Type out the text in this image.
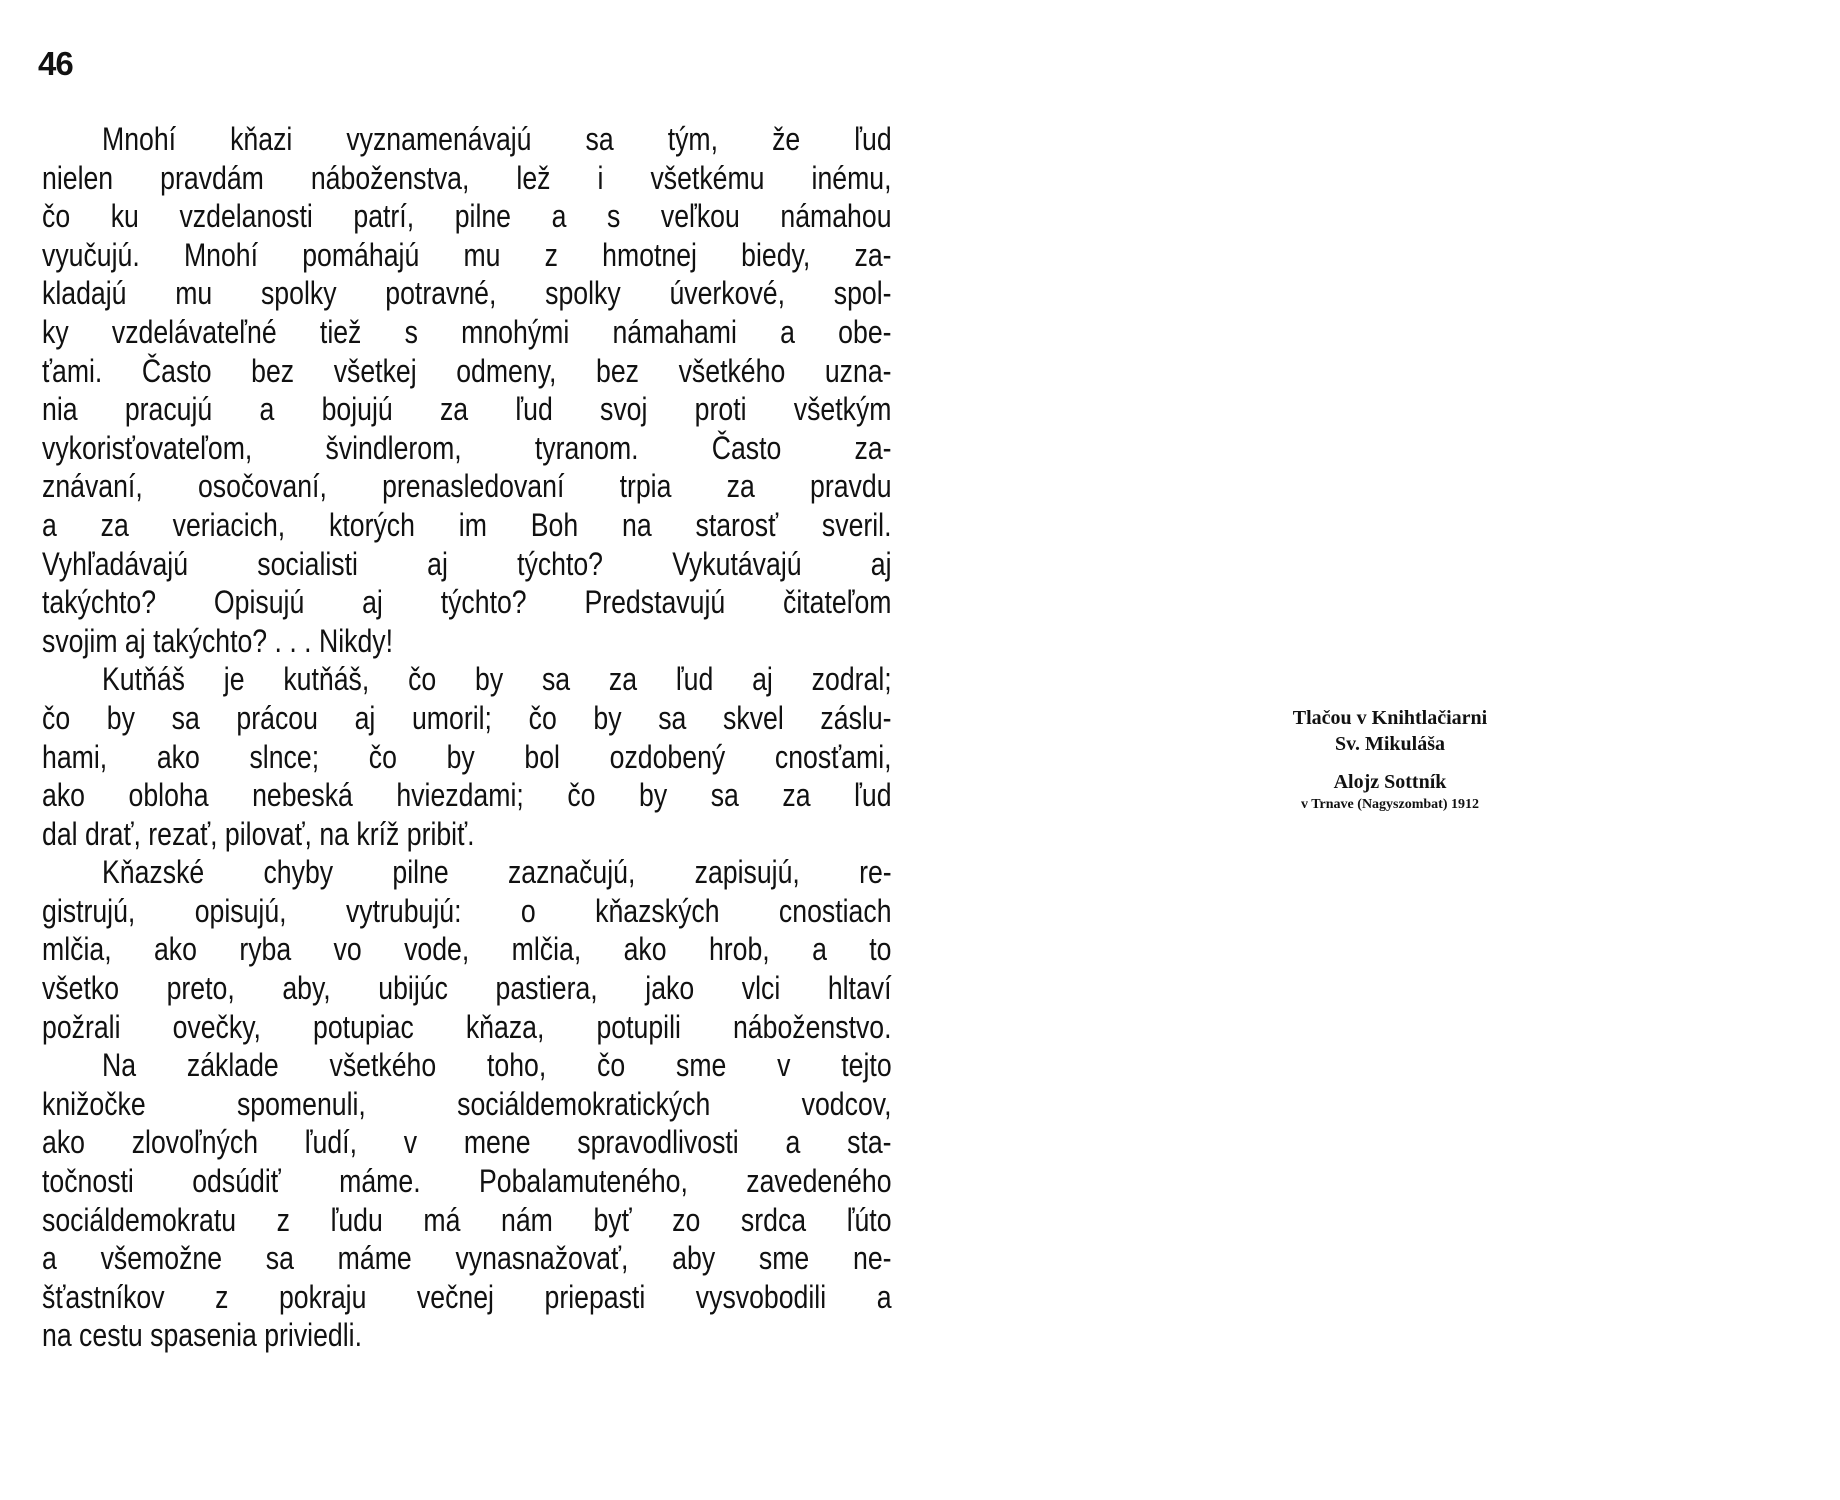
46
Mnohí kňazi vyznamenávajú sa tým, že ľud
nielen pravdám náboženstva, lež i všetkému inému,
čo ku vzdelanosti patrí, pilne a s veľkou námahou
vyučujú. Mnohí pomáhajú mu z hmotnej biedy, za-
kladajú mu spolky potravné, spolky úverkové, spol-
ky vzdelávateľné tiež s mnohými námahami a obe-
ťami. Často bez všetkej odmeny, bez všetkého uzna-
nia pracujú a bojujú za ľud svoj proti všetkým
vykorisťovateľom, švindlerom, tyranom. Často za-
znávaní, osočovaní, prenasledovaní trpia za pravdu
a za veriacich, ktorých im Boh na starosť sveril.
Vyhľadávajú socialisti aj týchto? Vykutávajú aj
takýchto? Opisujú aj týchto? Predstavujú čitateľom
svojim aj takýchto? . . . Nikdy!
Kutňáš je kutňáš, čo by sa za ľud aj zodral;
čo by sa prácou aj umoril; čo by sa skvel záslu-
hami, ako slnce; čo by bol ozdobený cnosťami,
ako obloha nebeská hviezdami; čo by sa za ľud
dal drať, rezať, pilovať, na kríž pribiť.
Kňazské chyby pilne zaznačujú, zapisujú, re-
gistrujú, opisujú, vytrubujú: o kňazských cnostiach
mlčia, ako ryba vo vode, mlčia, ako hrob, a to
všetko preto, aby, ubijúc pastiera, jako vlci hltaví
požrali ovečky, potupiac kňaza, potupili náboženstvo.
Na základe všetkého toho, čo sme v tejto
knižočke spomenuli, sociáldemokratických vodcov,
ako zlovoľných ľudí, v mene spravodlivosti a sta-
točnosti odsúdiť máme. Pobalamuteného, zavedeného
sociáldemokratu z ľudu má nám byť zo srdca ľúto
a všemožne sa máme vynasnažovať, aby sme ne-
šťastníkov z pokraju večnej priepasti vysvobodili a
na cestu spasenia priviedli.
Tlačou v Knihtlačiarni
Sv. Mikuláša
Alojz Sottník
v Trnave (Nagyszombat) 1912
